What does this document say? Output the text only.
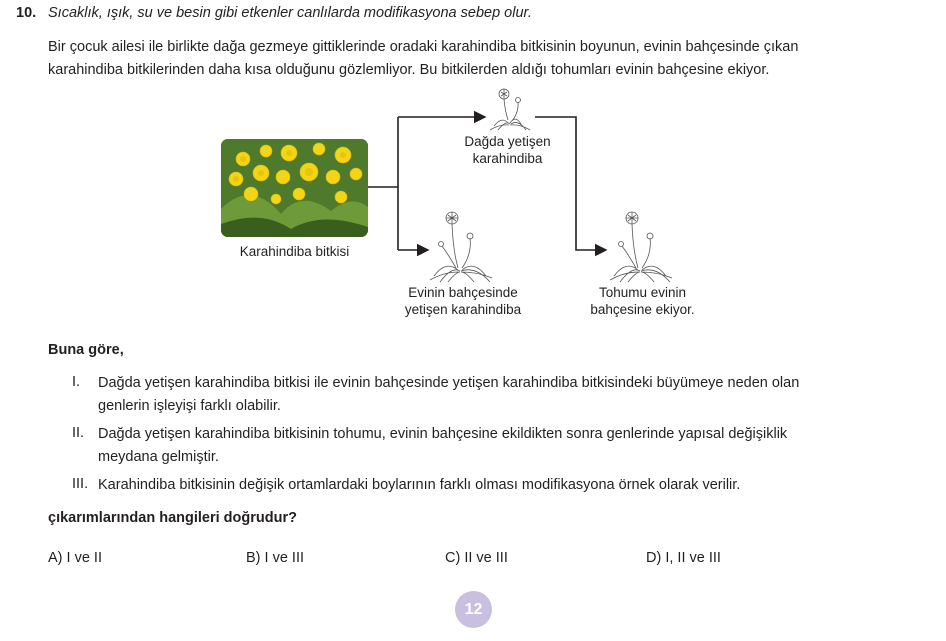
10. Sıcaklık, ışık, su ve besin gibi etkenler canlılarda modifikasyona sebep olur.
Bir çocuk ailesi ile birlikte dağa gezmeye gittiklerinde oradaki karahindiba bitkisinin boyunun, evinin bahçesinde çıkan
karahindiba bitkilerinden daha kısa olduğunu gözlemliyor. Bu bitkilerden aldığı tohumları evinin bahçesine ekiyor.
Karahindiba bitkisi
Dağda yetişen
karahindiba
Evinin bahçesinde
yetişen karahindiba
Tohumu evinin
bahçesine ekiyor.
Buna göre,
I. Dağda yetişen karahindiba bitkisi ile evinin bahçesinde yetişen karahindiba bitkisindeki büyümeye neden olan
genlerin işleyişi farklı olabilir.
II. Dağda yetişen karahindiba bitkisinin tohumu, evinin bahçesine ekildikten sonra genlerinde yapısal değişiklik
meydana gelmiştir.
III. Karahindiba bitkisinin değişik ortamlardaki boylarının farklı olması modifikasyona örnek olarak verilir.
çıkarımlarından hangileri doğrudur?
A) I ve II	B) I ve III	C) II ve III	D) I, II ve III
12
